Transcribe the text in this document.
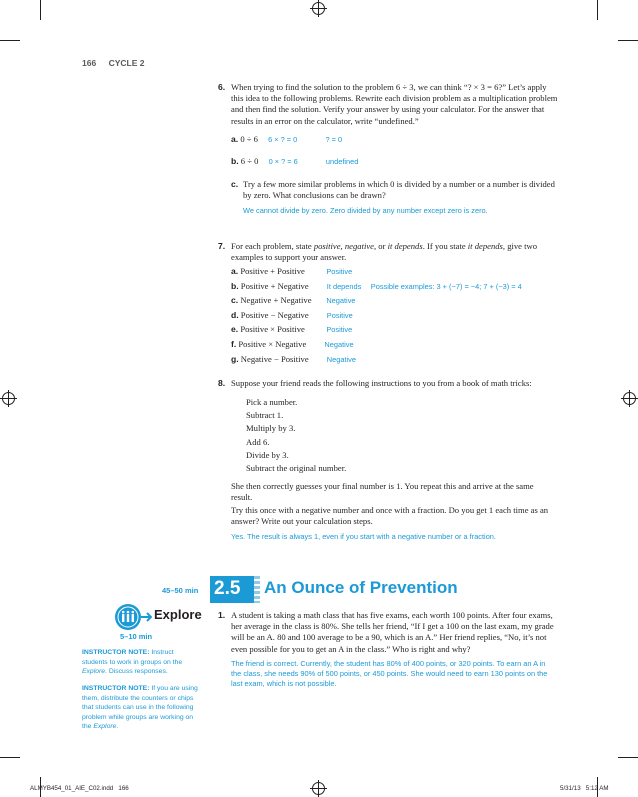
166 CYCLE 2
6. When trying to find the solution to the problem 6 ÷ 3, we can think “? × 3 = 6?” Let’s apply this idea to the following problems. Rewrite each division problem as a multiplication problem and then find the solution. Verify your answer by using your calculator. For the answer that results in an error on the calculator, write “undefined.”
a. 0 ÷ 6 6 × ? = 0	? = 0
b. 6 ÷ 0 0 × ? = 6	undefined
c. Try a few more similar problems in which 0 is divided by a number or a number is divided by zero. What conclusions can be drawn?
We cannot divide by zero. Zero divided by any number except zero is zero.
7. For each problem, state positive, negative, or it depends. If you state it depends, give two examples to support your answer.
a. Positive + Positive	Positive
b. Positive + Negative It depends Possible examples: 3 + (−7) = −4; 7 + (−3) = 4
c. Negative + Negative Negative
d. Positive − Negative Positive
e. Positive × Positive	Positive
f. Positive × Negative Negative
g. Negative − Positive Negative
8. Suppose your friend reads the following instructions to you from a book of math tricks:
Pick a number.
Subtract 1.
Multiply by 3.
Add 6.
Divide by 3.
Subtract the original number.
She then correctly guesses your final number is 1. You repeat this and arrive at the same result.
Try this once with a negative number and once with a fraction. Do you get 1 each time as an answer? Write out your calculation steps.
Yes. The result is always 1, even if you start with a negative number or a fraction.
45–50 min 2.5 An Ounce of Prevention
Explore
5–10 min
INSTRUCTOR NOTE: Instruct students to work in groups on the Explore. Discuss responses.
INSTRUCTOR NOTE: If you are using them, distribute the counters or chips that students can use in the following problem while groups are working on the Explore.
1. A student is taking a math class that has five exams, each worth 100 points. After four exams, her average in the class is 80%. She tells her friend, “If I get a 100 on the last exam, my grade will be an A. 80 and 100 average to be a 90, which is an A.” Her friend replies, “No, it’s not even possible for you to get an A in the class.” Who is right and why?
The friend is correct. Currently, the student has 80% of 400 points, or 320 points. To earn an A in the class, she needs 90% of 500 points, or 450 points. She would need to earn 130 points on the last exam, which is not possible.
ALMYB454_01_AIE_C02.indd   166	5/31/13   5:12 AM
